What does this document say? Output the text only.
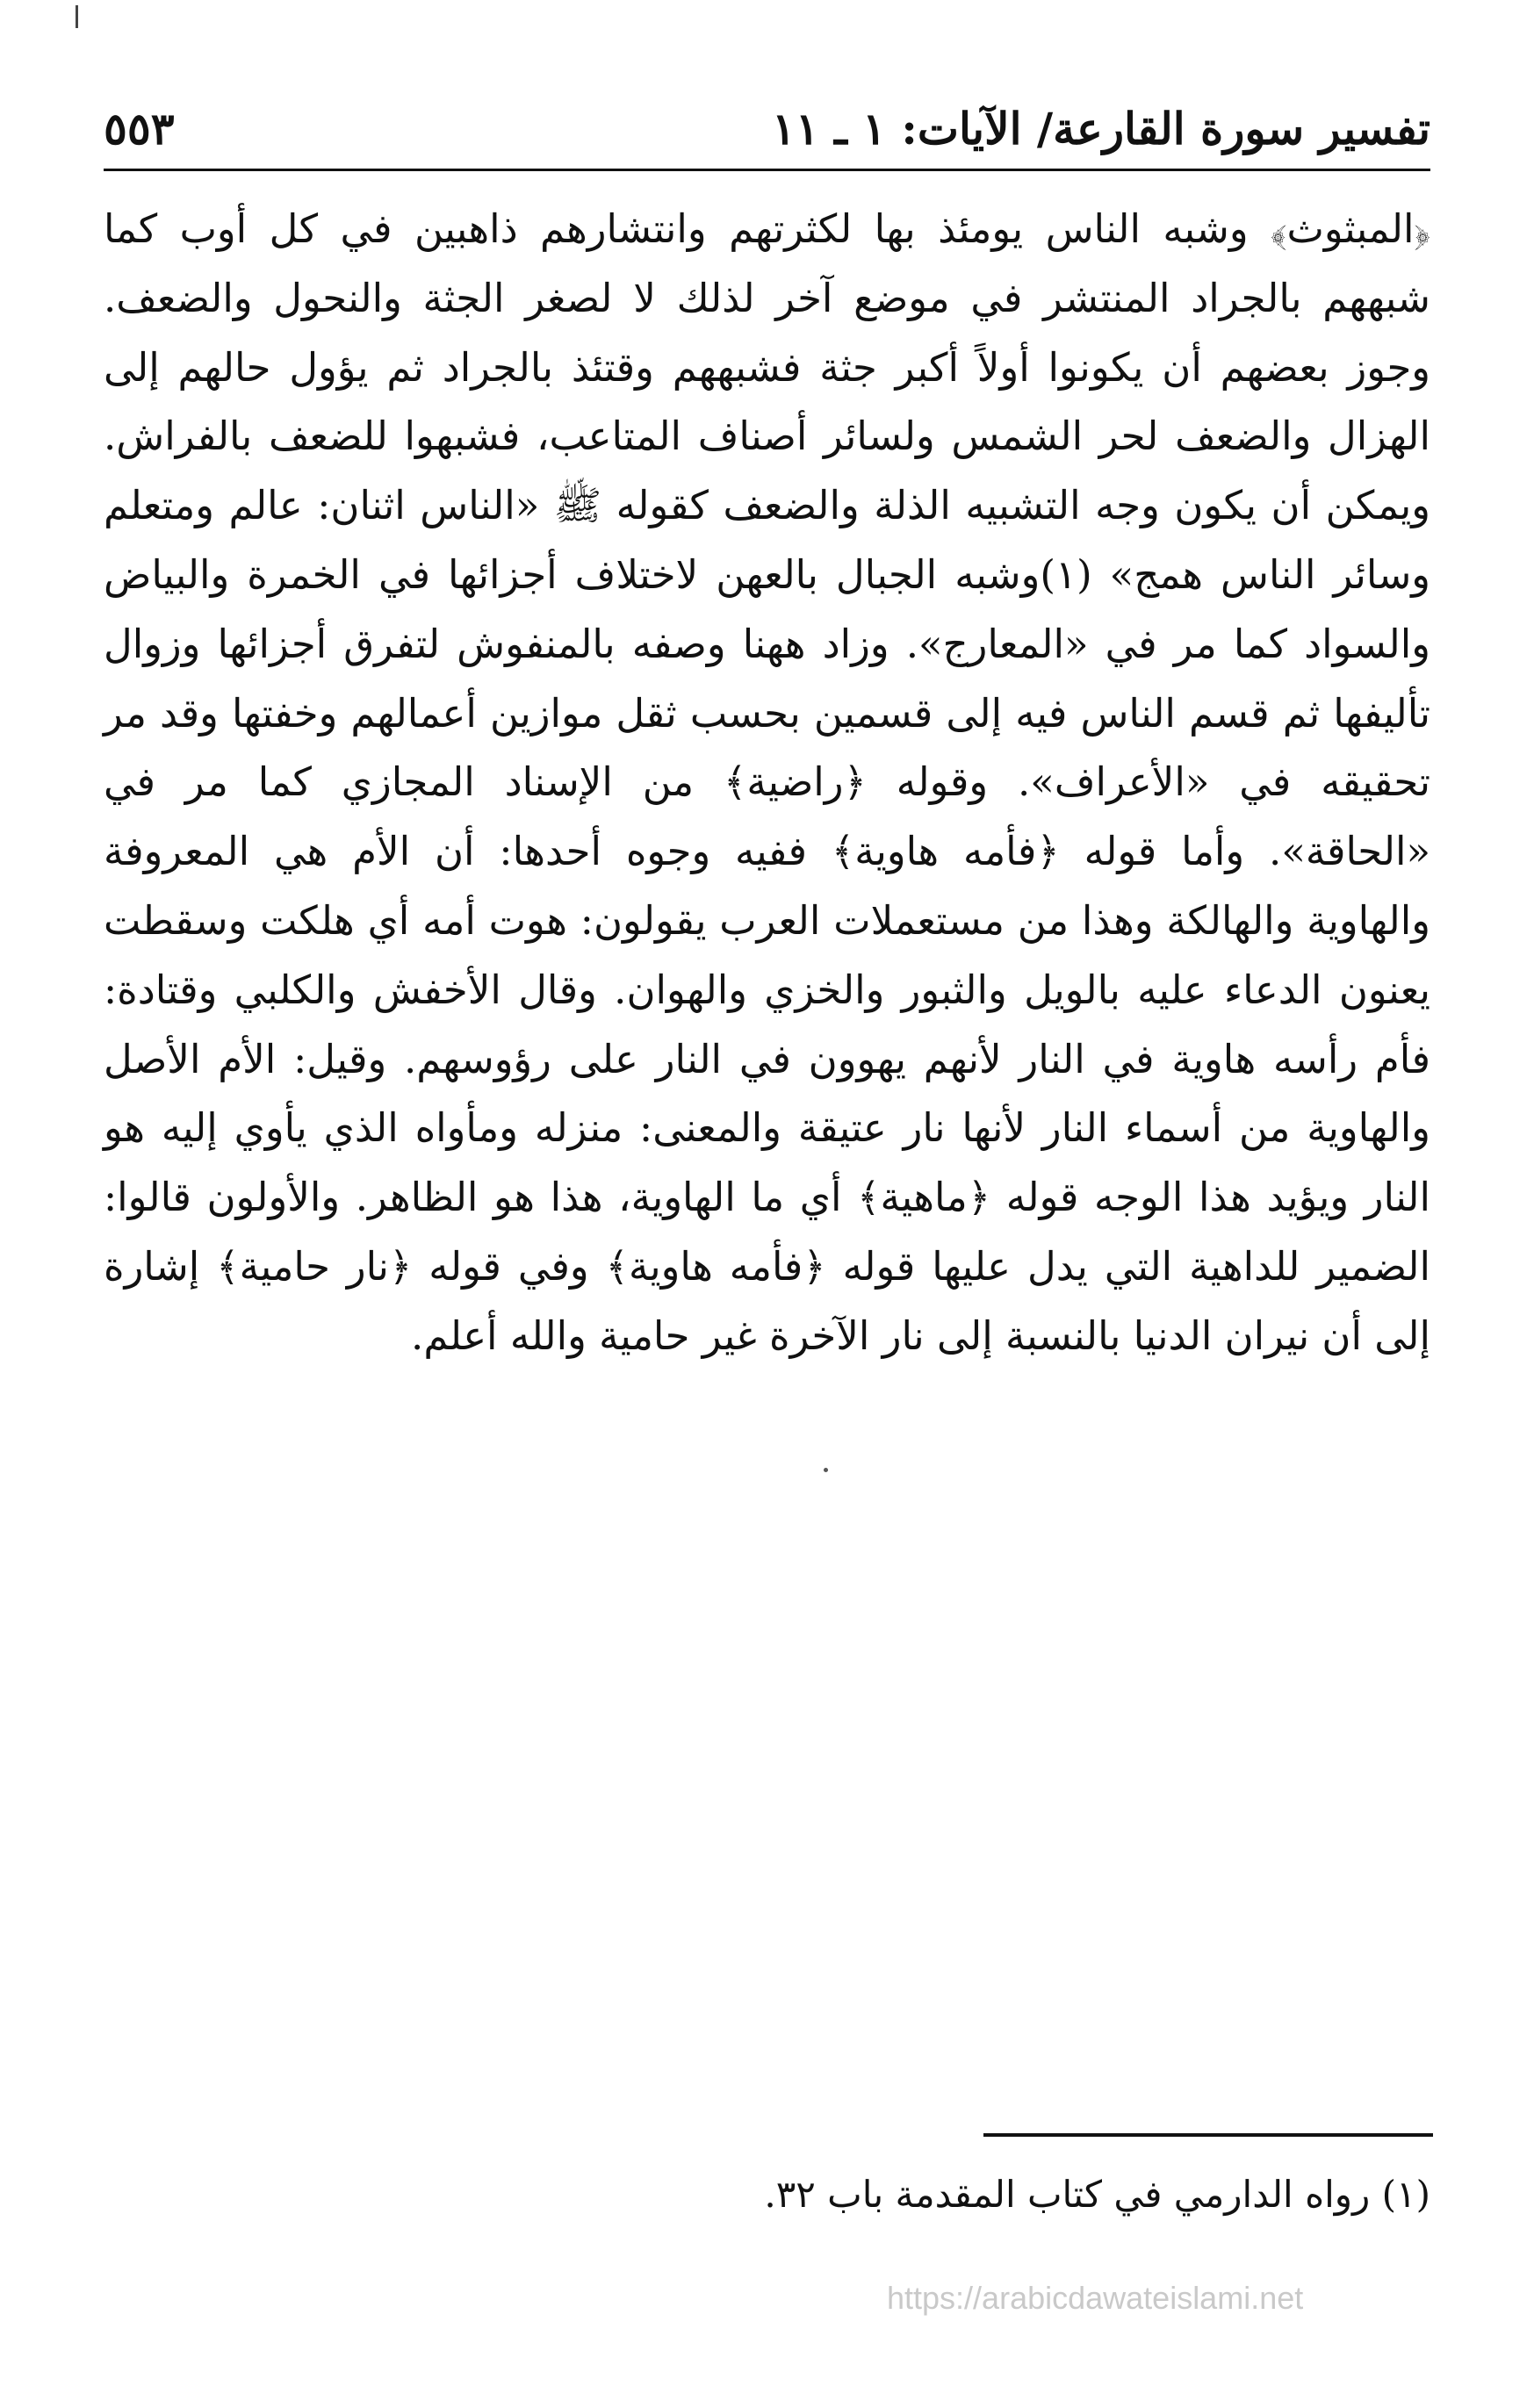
تفسير سورة القارعة/ الآيات: ١ ـ ١١
٥٥٣

﴿المبثوث﴾ وشبه الناس يومئذ بها لكثرتهم وانتشارهم ذاهبين في كل أوب كما شبههم بالجراد المنتشر في موضع آخر لذلك لا لصغر الجثة والنحول والضعف. وجوز بعضهم أن يكونوا أولاً أكبر جثة فشبههم وقتئذ بالجراد ثم يؤول حالهم إلى الهزال والضعف لحر الشمس ولسائر أصناف المتاعب، فشبهوا للضعف بالفراش. ويمكن أن يكون وجه التشبيه الذلة والضعف كقوله ﷺ «الناس اثنان: عالم ومتعلم وسائر الناس همج» (١)وشبه الجبال بالعهن لاختلاف أجزائها في الخمرة والبياض والسواد كما مر في «المعارج». وزاد ههنا وصفه بالمنفوش لتفرق أجزائها وزوال تأليفها ثم قسم الناس فيه إلى قسمين بحسب ثقل موازين أعمالهم وخفتها وقد مر تحقيقه في «الأعراف». وقوله ﴿راضية﴾ من الإسناد المجازي كما مر في «الحاقة». وأما قوله ﴿فأمه هاوية﴾ ففيه وجوه أحدها: أن الأم هي المعروفة والهاوية والهالكة وهذا من مستعملات العرب يقولون: هوت أمه أي هلكت وسقطت يعنون الدعاء عليه بالويل والثبور والخزي والهوان. وقال الأخفش والكلبي وقتادة: فأم رأسه هاوية في النار لأنهم يهوون في النار على رؤوسهم. وقيل: الأم الأصل والهاوية من أسماء النار لأنها نار عتيقة والمعنى: منزله ومأواه الذي يأوي إليه هو النار ويؤيد هذا الوجه قوله ﴿ماهية﴾ أي ما الهاوية، هذا هو الظاهر. والأولون قالوا: الضمير للداهية التي يدل عليها قوله ﴿فأمه هاوية﴾ وفي قوله ﴿نار حامية﴾ إشارة إلى أن نيران الدنيا بالنسبة إلى نار الآخرة غير حامية والله أعلم.

(١) رواه الدارمي في كتاب المقدمة باب ٣٢.

https://arabicdawateislami.net
